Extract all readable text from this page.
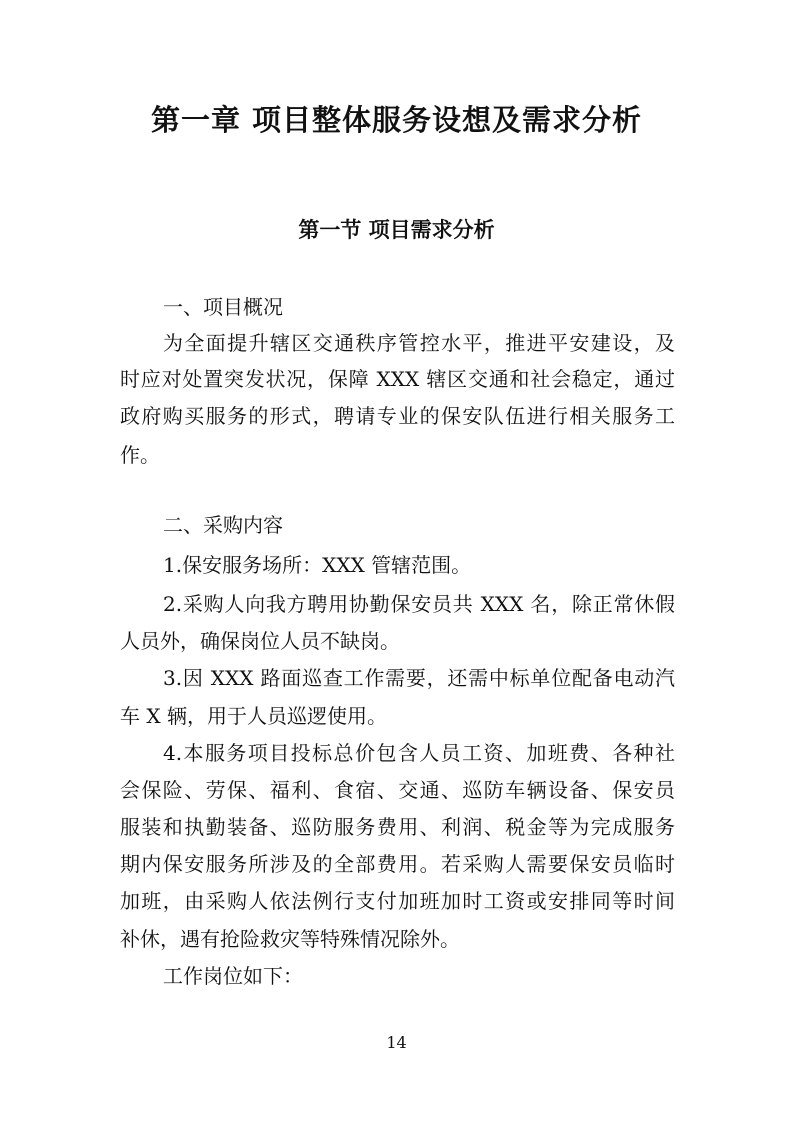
第一章 项目整体服务设想及需求分析
第一节 项目需求分析
一、项目概况
为全面提升辖区交通秩序管控水平，推进平安建设，及
时应对处置突发状况，保障 XXX 辖区交通和社会稳定，通过
政府购买服务的形式，聘请专业的保安队伍进行相关服务工
作。
二、采购内容
1.保安服务场所：XXX 管辖范围。
2.采购人向我方聘用协勤保安员共 XXX 名，除正常休假
人员外，确保岗位人员不缺岗。
3.因 XXX 路面巡查工作需要，还需中标单位配备电动汽
车 X 辆，用于人员巡逻使用。
4.本服务项目投标总价包含人员工资、加班费、各种社
会保险、劳保、福利、食宿、交通、巡防车辆设备、保安员
服装和执勤装备、巡防服务费用、利润、税金等为完成服务
期内保安服务所涉及的全部费用。若采购人需要保安员临时
加班，由采购人依法例行支付加班加时工资或安排同等时间
补休，遇有抢险救灾等特殊情况除外。
工作岗位如下：
14
